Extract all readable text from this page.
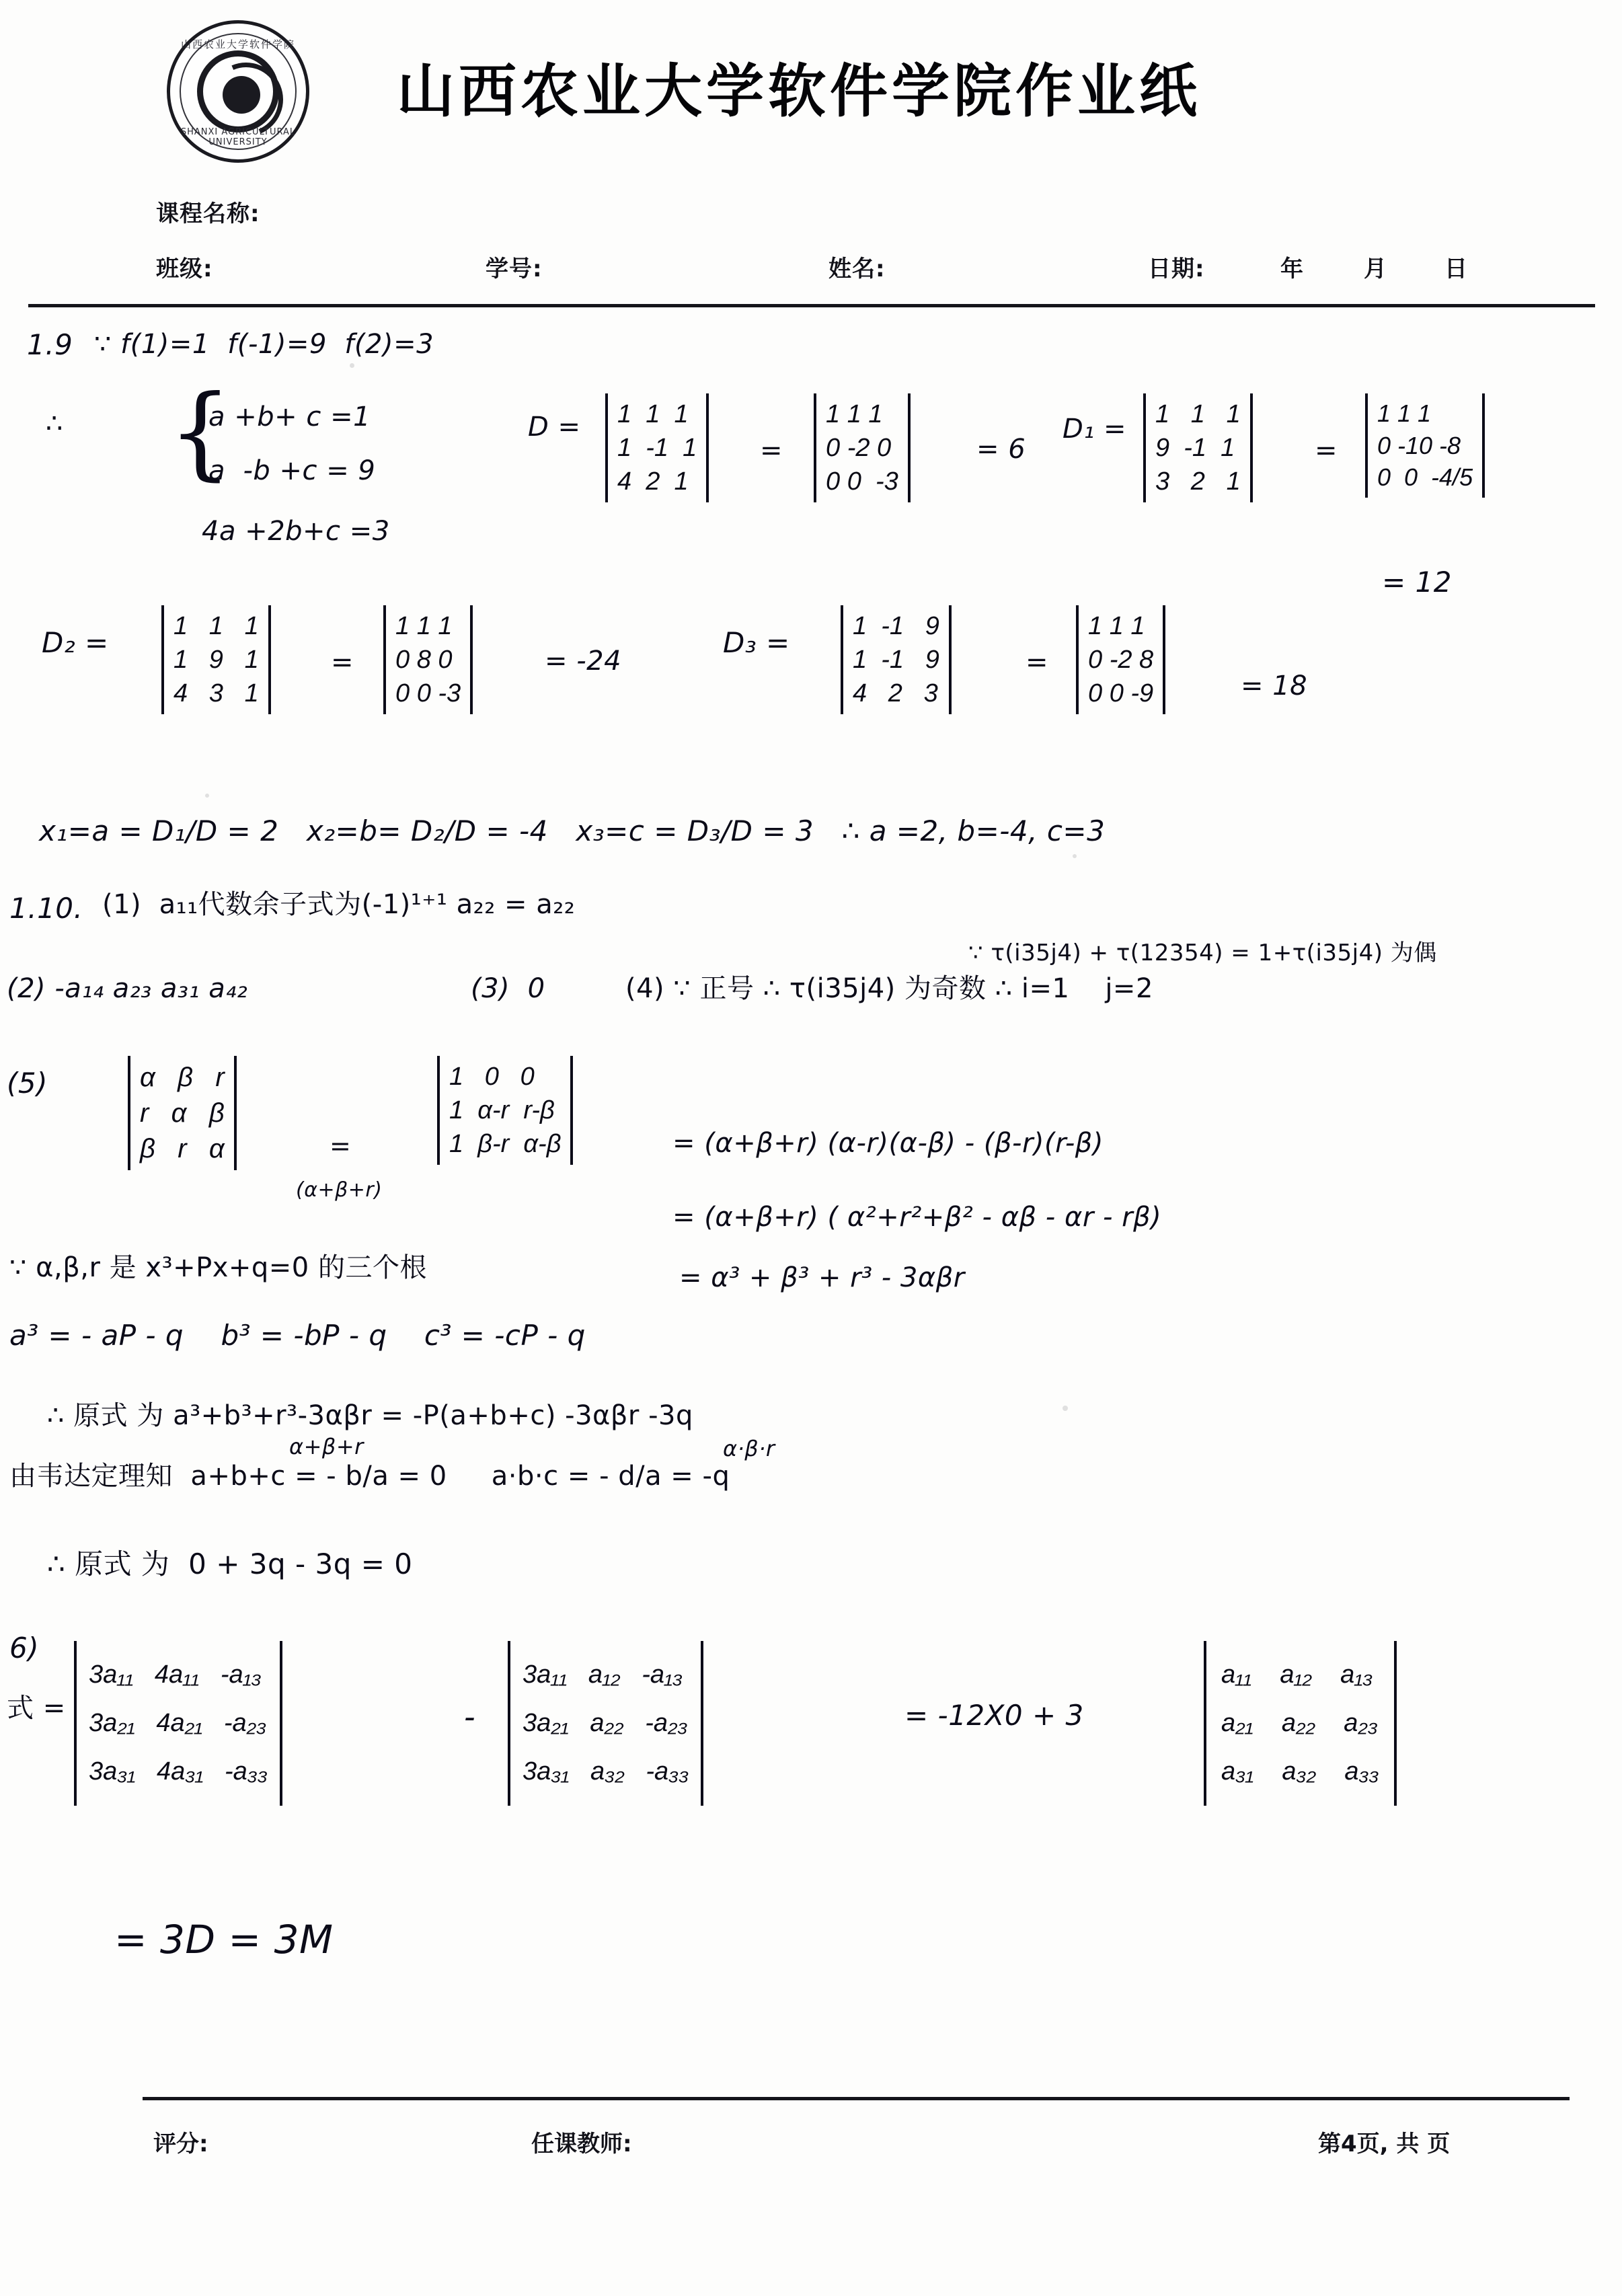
山西农业大学软件学院
SHANXI AGRICULTURAL UNIVERSITY
山西农业大学软件学院作业纸
课程名称:
班级:	学号:	姓名:	日期:	年	月	日
1.9 ∵ f(1)=1  f(-1)=9  f(2)=3
∴ {
a +b+ c =1
a  -b +c = 9
4a +2b+c =3
D = 1  1  1
1  -1  1
4  2  1
=
1 1 1
0 -2 0
0 0  -3
= 6
D₁ = 1   1   1
9  -1  1
3   2   1
=
1 1 1
0 -10 -8
0  0  -4/5
= 12
D₂ =	1   1   1
1   9   1
4   3   1
=
1 1 1
0 8 0
0 0 -3
= -24
D₃ = 1  -1   9
1  -1   9
4   2   3
=
1 1 1
0 -2 8
0 0 -9	= 18
x₁=a = D₁/D = 2   x₂=b= D₂/D = -4   x₃=c = D₃/D = 3   ∴ a =2, b=-4, c=3
1.10. (1)  a₁₁代数余子式为(-1)¹⁺¹ a₂₂ = a₂₂
∵ τ(i35j4) + τ(12354) = 1+τ(i35j4) 为偶
(2) -a₁₄ a₂₃ a₃₁ a₄₂	(3)  0	(4) ∵ 正号 ∴ τ(i35j4) 为奇数 ∴ i=1    j=2
(5)	α   β   r
r   α   β
β   r   α	=
(α+β+r)
1   0   0
1  α-r  r-β
1  β-r  α-β	= (α+β+r) (α-r)(α-β) - (β-r)(r-β)
= (α+β+r) ( α²+r²+β² - αβ - αr - rβ)
= α³ + β³ + r³ - 3αβr
∵ α,β,r 是 x³+Px+q=0 的三个根
a³ = - aP - q    b³ = -bP - q    c³ = -cP - q
∴ 原式 为 a³+b³+r³-3αβr = -P(a+b+c) -3αβr -3q
由韦达定理知  a+b+c = - b/a = 0     a·b·c = - d/a = -q
α+β+r	α·β·r
∴ 原式 为  0 + 3q - 3q = 0
6)
式 =
3a₁₁   4a₁₁   -a₁₃
3a₂₁   4a₂₁   -a₂₃
3a₃₁   4a₃₁   -a₃₃
-
3a₁₁   a₁₂   -a₁₃
3a₂₁   a₂₂   -a₂₃
3a₃₁   a₃₂   -a₃₃
= -12X0 + 3
a₁₁    a₁₂    a₁₃
a₂₁    a₂₂    a₂₃
a₃₁    a₃₂    a₃₃
= 3D = 3M
评分:	任课教师:	第4页, 共 页
